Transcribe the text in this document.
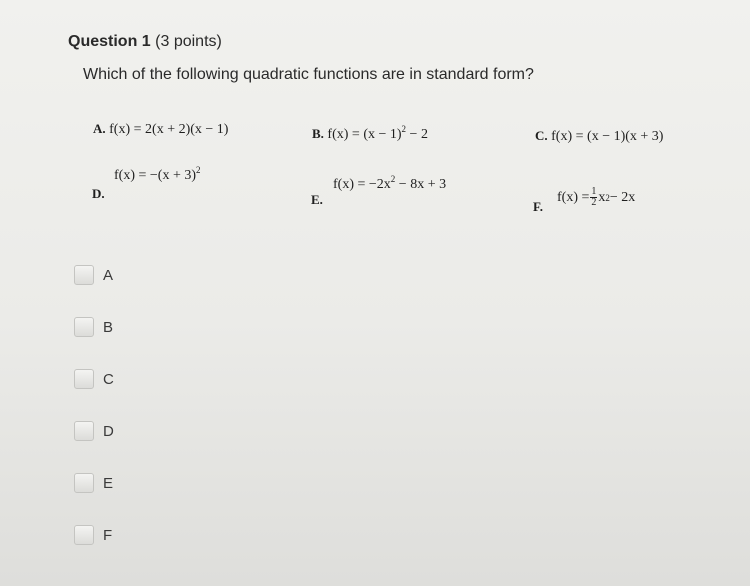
Question 1 (3 points)
Which of the following quadratic functions are in standard form?
A. f(x) = 2(x + 2)(x − 1)	B. $f(x) = (x - 1)^2 - 2$	C. f(x) = (x − 1)(x + 3)
D.
$f(x) = -(x + 3)^2$
E.
$f(x) = -2x^2 - 8x + 3$
F.
$f(x) = \frac{1}{2}$ x 2 − 2x
A
B
C
D
E
F
